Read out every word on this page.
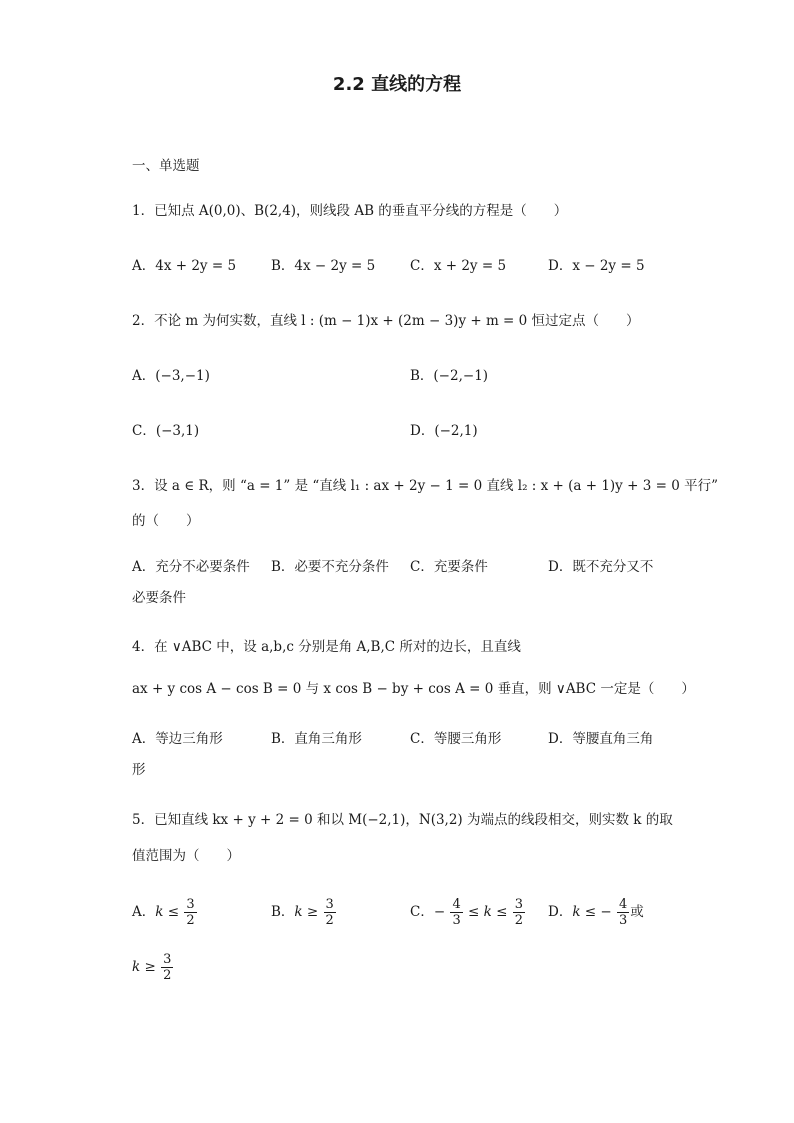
2.2 直线的方程
一、单选题
1．已知点 A(0,0)、B(2,4)，则线段 AB 的垂直平分线的方程是（　　）
A．4x + 2y = 5	B．4x − 2y = 5	C．x + 2y = 5	D．x − 2y = 5
2．不论 m 为何实数，直线 l : (m − 1)x + (2m − 3)y + m = 0 恒过定点（　　）
A．(−3,−1)	B．(−2,−1)
C．(−3,1)	D．(−2,1)
3．设 a ∈ R，则 “a = 1” 是 “直线 l₁ : ax + 2y − 1 = 0 直线 l₂ : x + (a + 1)y + 3 = 0 平行”
的（　　）
A．充分不必要条件 B．必要不充分条件 C．充要条件	D．既不充分又不
必要条件
4．在 ∨ABC 中，设 a,b,c 分别是角 A,B,C 所对的边长，且直线
ax + y cos A − cos B = 0 与 x cos B − by + cos A = 0 垂直，则 ∨ABC 一定是（　　）
A．等边三角形	B．直角三角形	C．等腰三角形	D．等腰直角三角
形
5．已知直线 kx + y + 2 = 0 和以 M(−2,1)，N(3,2) 为端点的线段相交，则实数 k 的取
值范围为（　　）
A．$k \le \frac{3}{2}$	B．$k \ge \frac{3}{2}$	C．− $\frac{4}{3} \le k \le \frac{3}{2}$ D．k ≤ − $\frac{4}{3}$ 或
$k \ge \frac{3}{2}$
